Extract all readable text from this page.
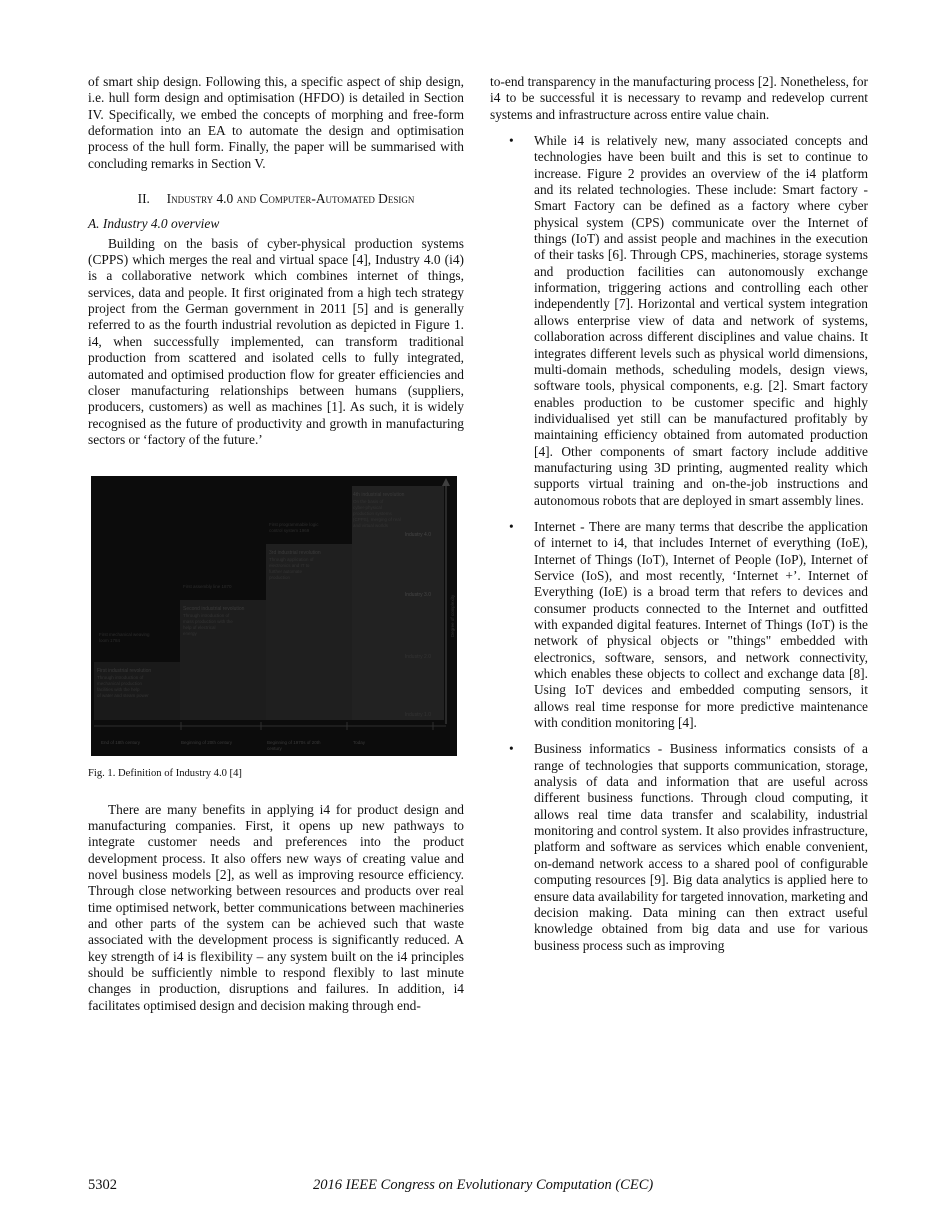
of smart ship design. Following this, a specific aspect of ship design, i.e. hull form design and optimisation (HFDO) is detailed in Section IV. Specifically, we embed the concepts of morphing and free-form deformation into an EA to automate the design and optimisation process of the hull form. Finally, the paper will be summarised with concluding remarks in Section V.

II. Industry 4.0 and Computer-Automated Design

A. Industry 4.0 overview

Building on the basis of cyber-physical production systems (CPPS) which merges the real and virtual space [4], Industry 4.0 (i4) is a collaborative network which combines internet of things, services, data and people. It first originated from a high tech strategy project from the German government in 2011 [5] and is generally referred to as the fourth industrial revolution as depicted in Figure 1. i4, when successfully implemented, can transform traditional production from scattered and isolated cells to fully integrated, automated and optimised production flow for greater efficiencies and closer manufacturing relationships between humans (suppliers, producers, customers) as well as machines [1]. As such, it is widely recognised as the future of productivity and growth in manufacturing sectors or ‘factory of the future.’

First industrial revolution
Through introduction of
mechanical production
facilities with the help
of water and steam power
Second industrial revolution
Through introduction of
mass production with the
help of electrical
energy
3rd industrial revolution
Through application of
electronics and IT to
further automate
production
4th industrial revolution
On the basis of
cyber-physical
production systems
(CPPS), merging of real
and virtual worlds
First mechanical weaving
loom 1784
First assembly line 1870
First programmable logic
control system 1969
Industry 1.0
Industry 2.0
Industry 3.0
Industry 4.0
Degree of complexity
End of 18th century	Beginning of 20th century	Beginning of 1970s of 20th
century
Today

Fig. 1. Definition of Industry 4.0 [4]

There are many benefits in applying i4 for product design and manufacturing companies. First, it opens up new pathways to integrate customer needs and preferences into the product development process. It also offers new ways of creating value and novel business models [2], as well as improving resource efficiency. Through close networking between resources and products over real time optimised network, better communications between machineries and other parts of the system can be achieved such that waste associated with the development process is significantly reduced. A key strength of i4 is flexibility – any system built on the i4 principles should be sufficiently nimble to respond flexibly to last minute changes in production, disruptions and failures. In addition, i4 facilitates optimised design and decision making through end-

to-end transparency in the manufacturing process [2]. Nonetheless, for i4 to be successful it is necessary to revamp and redevelop current systems and infrastructure across entire value chain.

• While i4 is relatively new, many associated concepts and technologies have been built and this is set to continue to increase. Figure 2 provides an overview of the i4 platform and its related technologies. These include: Smart factory - Smart Factory can be defined as a factory where cyber physical system (CPS) communicate over the Internet of things (IoT) and assist people and machines in the execution of their tasks [6]. Through CPS, machineries, storage systems and production facilities can autonomously exchange information, triggering actions and controlling each other independently [7]. Horizontal and vertical system integration allows enterprise view of data and network of systems, collaboration across different disciplines and value chains. It integrates different levels such as physical world dimensions, multi-domain methods, scheduling models, design views, software tools, physical components, e.g. [2]. Smart factory enables production to be customer specific and highly individualised yet still can be manufactured profitably by maintaining efficiency obtained from automated production [4]. Other components of smart factory include additive manufacturing using 3D printing, augmented reality which supports virtual training and on-the-job instructions and autonomous robots that are deployed in smart assembly lines.
• Internet - There are many terms that describe the application of internet to i4, that includes Internet of everything (IoE), Internet of Things (IoT), Internet of People (IoP), Internet of Service (IoS), and most recently, ‘Internet +’. Internet of Everything (IoE) is a broad term that refers to devices and consumer products connected to the Internet and outfitted with expanded digital features. Internet of Things (IoT) is the network of physical objects or "things" embedded with electronics, software, sensors, and network connectivity, which enables these objects to collect and exchange data [8]. Using IoT devices and embedded computing sensors, it allows real time response for more predictive maintenance with condition monitoring [4].
• Business informatics - Business informatics consists of a range of technologies that supports communication, storage, analysis of data and information that are useful across different business functions. Through cloud computing, it allows real time data transfer and scalability, industrial monitoring and control system. It also provides infrastructure, platform and software as services which enable convenient, on-demand network access to a shared pool of configurable computing resources [9]. Big data analytics is applied here to ensure data availability for targeted innovation, marketing and decision making. Data mining can then extract useful knowledge obtained from big data and use for various business process such as improving
5302	2016 IEEE Congress on Evolutionary Computation (CEC)
